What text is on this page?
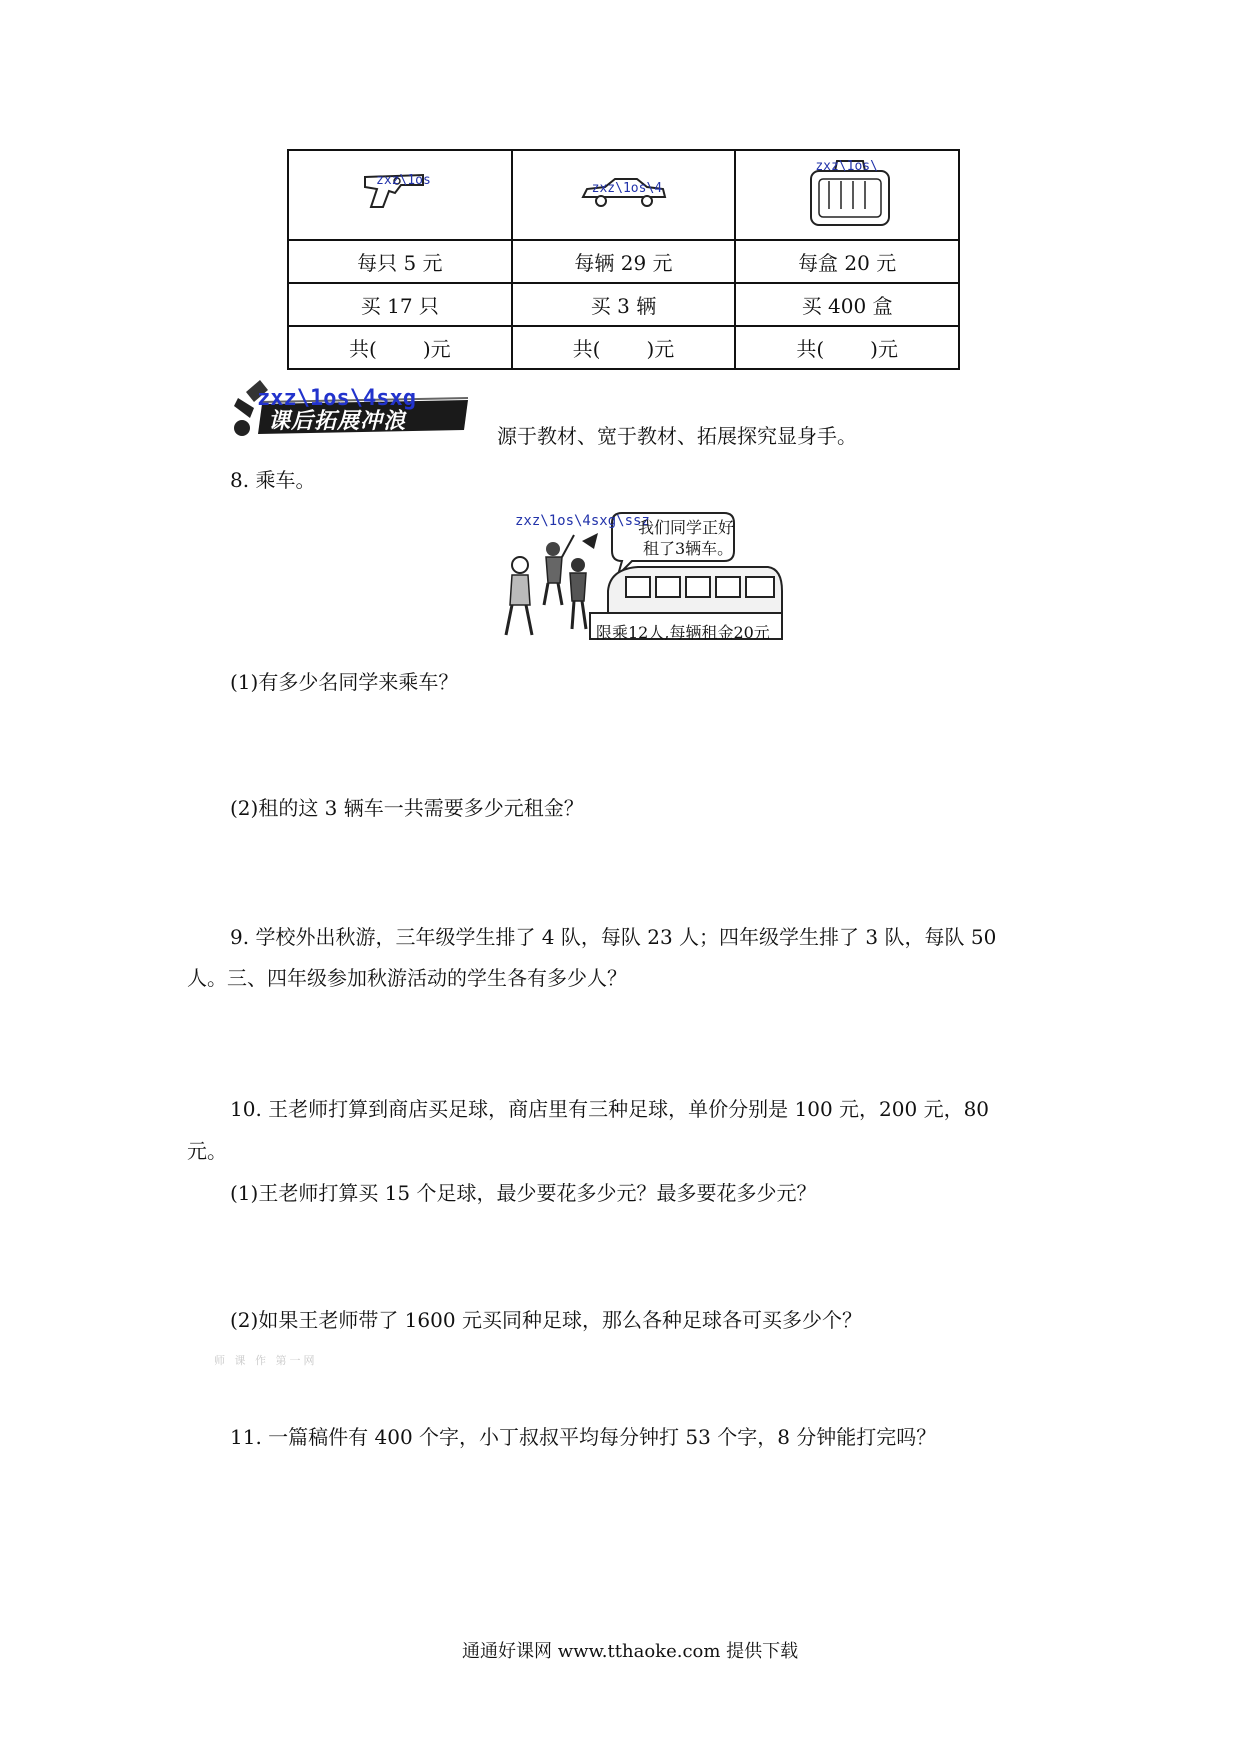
zxz\1os	zxz\1os\4	zxz\1os\

每只 5 元	每辆 29 元	每盒 20 元
买 17 只	买 3 辆	买 400 盒
共( )元	共( )元	共( )元
课后拓展冲浪
zxz\1os\4sxg
源于教材、宽于教材、拓展探究显身手。
8. 乘车。
zxz\1os\4sxg\ssz
我们同学正好
租了3辆车。
限乘12人,每辆租金20元
(1)有多少名同学来乘车？
(2)租的这 3 辆车一共需要多少元租金？
9. 学校外出秋游，三年级学生排了 4 队，每队 23 人；四年级学生排了 3 队，每队 50
人。三、四年级参加秋游活动的学生各有多少人？
10. 王老师打算到商店买足球，商店里有三种足球，单价分别是 100 元，200 元，80
元。
(1)王老师打算买 15 个足球，最少要花多少元？最多要花多少元？
(2)如果王老师带了 1600 元买同种足球，那么各种足球各可买多少个？
师 课 作 第一网
11. 一篇稿件有 400 个字，小丁叔叔平均每分钟打 53 个字，8 分钟能打完吗？
通通好课网 www.tthaoke.com 提供下载
